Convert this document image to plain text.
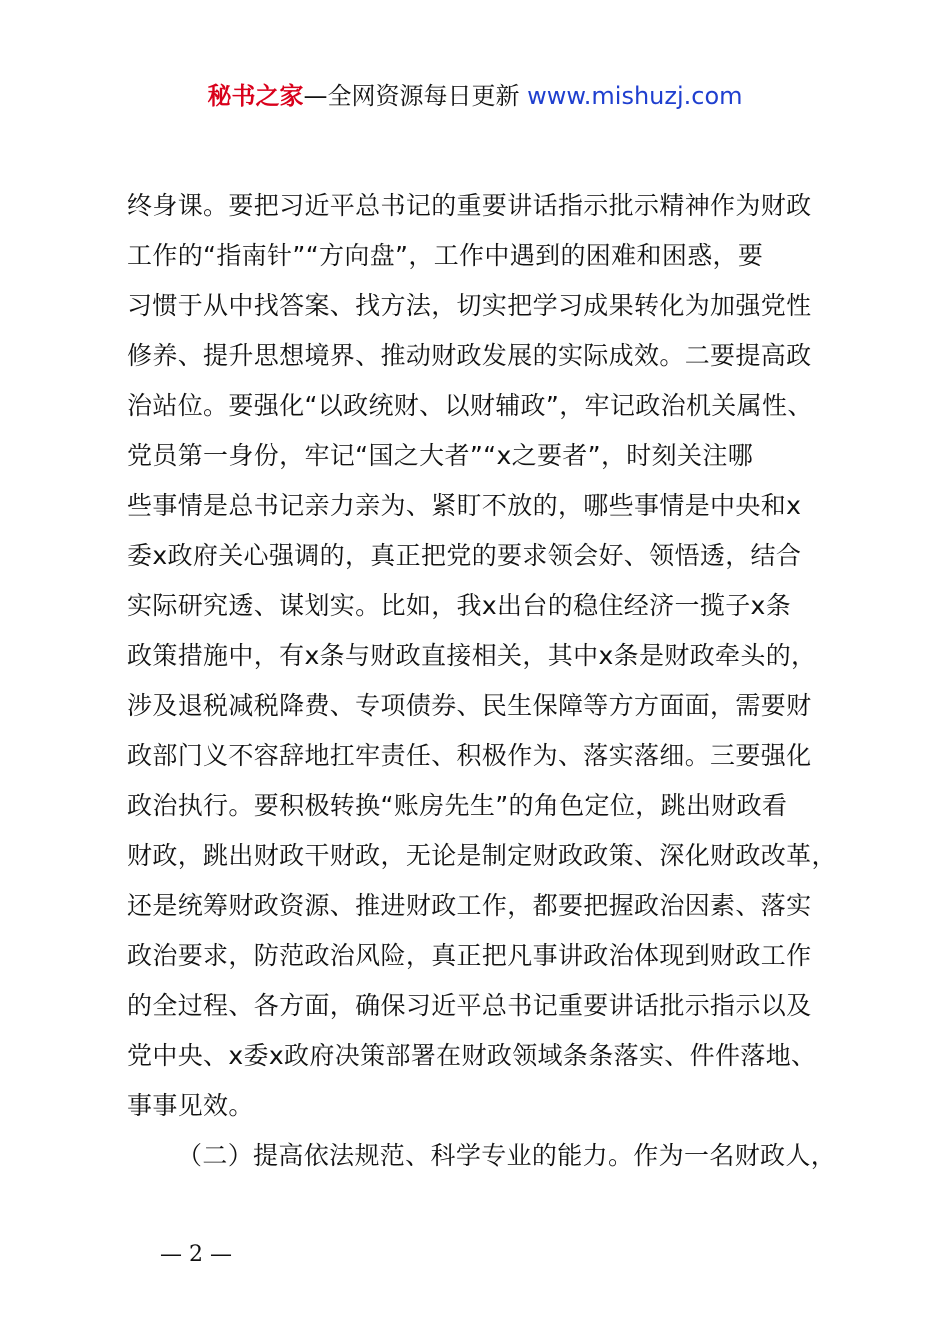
秘书之家—全网资源每日更新 www.mishuzj.com
终身课。要把习近平总书记的重要讲话指示批示精神作为财政
工作的“指南针”“方向盘”，工作中遇到的困难和困惑，要
习惯于从中找答案、找方法，切实把学习成果转化为加强党性
修养、提升思想境界、推动财政发展的实际成效。二要提高政
治站位。要强化“以政统财、以财辅政”，牢记政治机关属性、
党员第一身份，牢记“国之大者”“x之要者”，时刻关注哪
些事情是总书记亲力亲为、紧盯不放的，哪些事情是中央和x
委x政府关心强调的，真正把党的要求领会好、领悟透，结合
实际研究透、谋划实。比如，我x出台的稳住经济一揽子x条
政策措施中，有x条与财政直接相关，其中x条是财政牵头的，
涉及退税减税降费、专项债券、民生保障等方方面面，需要财
政部门义不容辞地扛牢责任、积极作为、落实落细。三要强化
政治执行。要积极转换“账房先生”的角色定位，跳出财政看
财政，跳出财政干财政，无论是制定财政政策、深化财政改革，
还是统筹财政资源、推进财政工作，都要把握政治因素、落实
政治要求，防范政治风险，真正把凡事讲政治体现到财政工作
的全过程、各方面，确保习近平总书记重要讲话批示指示以及
党中央、x委x政府决策部署在财政领域条条落实、件件落地、
事事见效。
（二）提高依法规范、科学专业的能力。作为一名财政人，
— 2 —
